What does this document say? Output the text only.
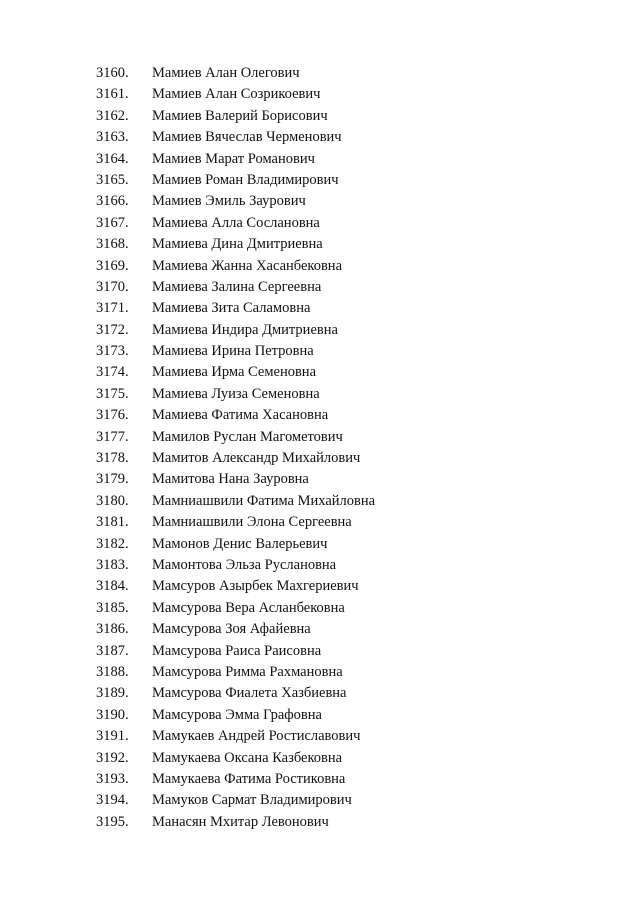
3160.	Мамиев Алан Олегович
3161.	Мамиев Алан Созрикоевич
3162.	Мамиев Валерий Борисович
3163.	Мамиев Вячеслав Черменович
3164.	Мамиев Марат Романович
3165.	Мамиев Роман Владимирович
3166.	Мамиев Эмиль Заурович
3167.	Мамиева Алла Сослановна
3168.	Мамиева Дина Дмитриевна
3169.	Мамиева Жанна Хасанбековна
3170.	Мамиева Залина Сергеевна
3171.	Мамиева Зита Саламовна
3172.	Мамиева Индира Дмитриевна
3173.	Мамиева Ирина Петровна
3174.	Мамиева Ирма Семеновна
3175.	Мамиева Луиза Семеновна
3176.	Мамиева Фатима Хасановна
3177.	Мамилов Руслан Магометович
3178.	Мамитов Александр Михайлович
3179.	Мамитова Нана Зауровна
3180.	Мамниашвили Фатима Михайловна
3181.	Мамниашвили Элона Сергеевна
3182.	Мамонов Денис Валерьевич
3183.	Мамонтова Эльза Руслановна
3184.	Мамсуров Азырбек Махгериевич
3185.	Мамсурова Вера Асланбековна
3186.	Мамсурова Зоя Афайевна
3187.	Мамсурова Раиса Раисовна
3188.	Мамсурова Римма Рахмановна
3189.	Мамсурова Фиалета Хазбиевна
3190.	Мамсурова Эмма Графовна
3191.	Мамукаев Андрей Ростиславович
3192.	Мамукаева Оксана Казбековна
3193.	Мамукаева Фатима Ростиковна
3194.	Мамуков Сармат Владимирович
3195.	Манасян Мхитар Левонович
